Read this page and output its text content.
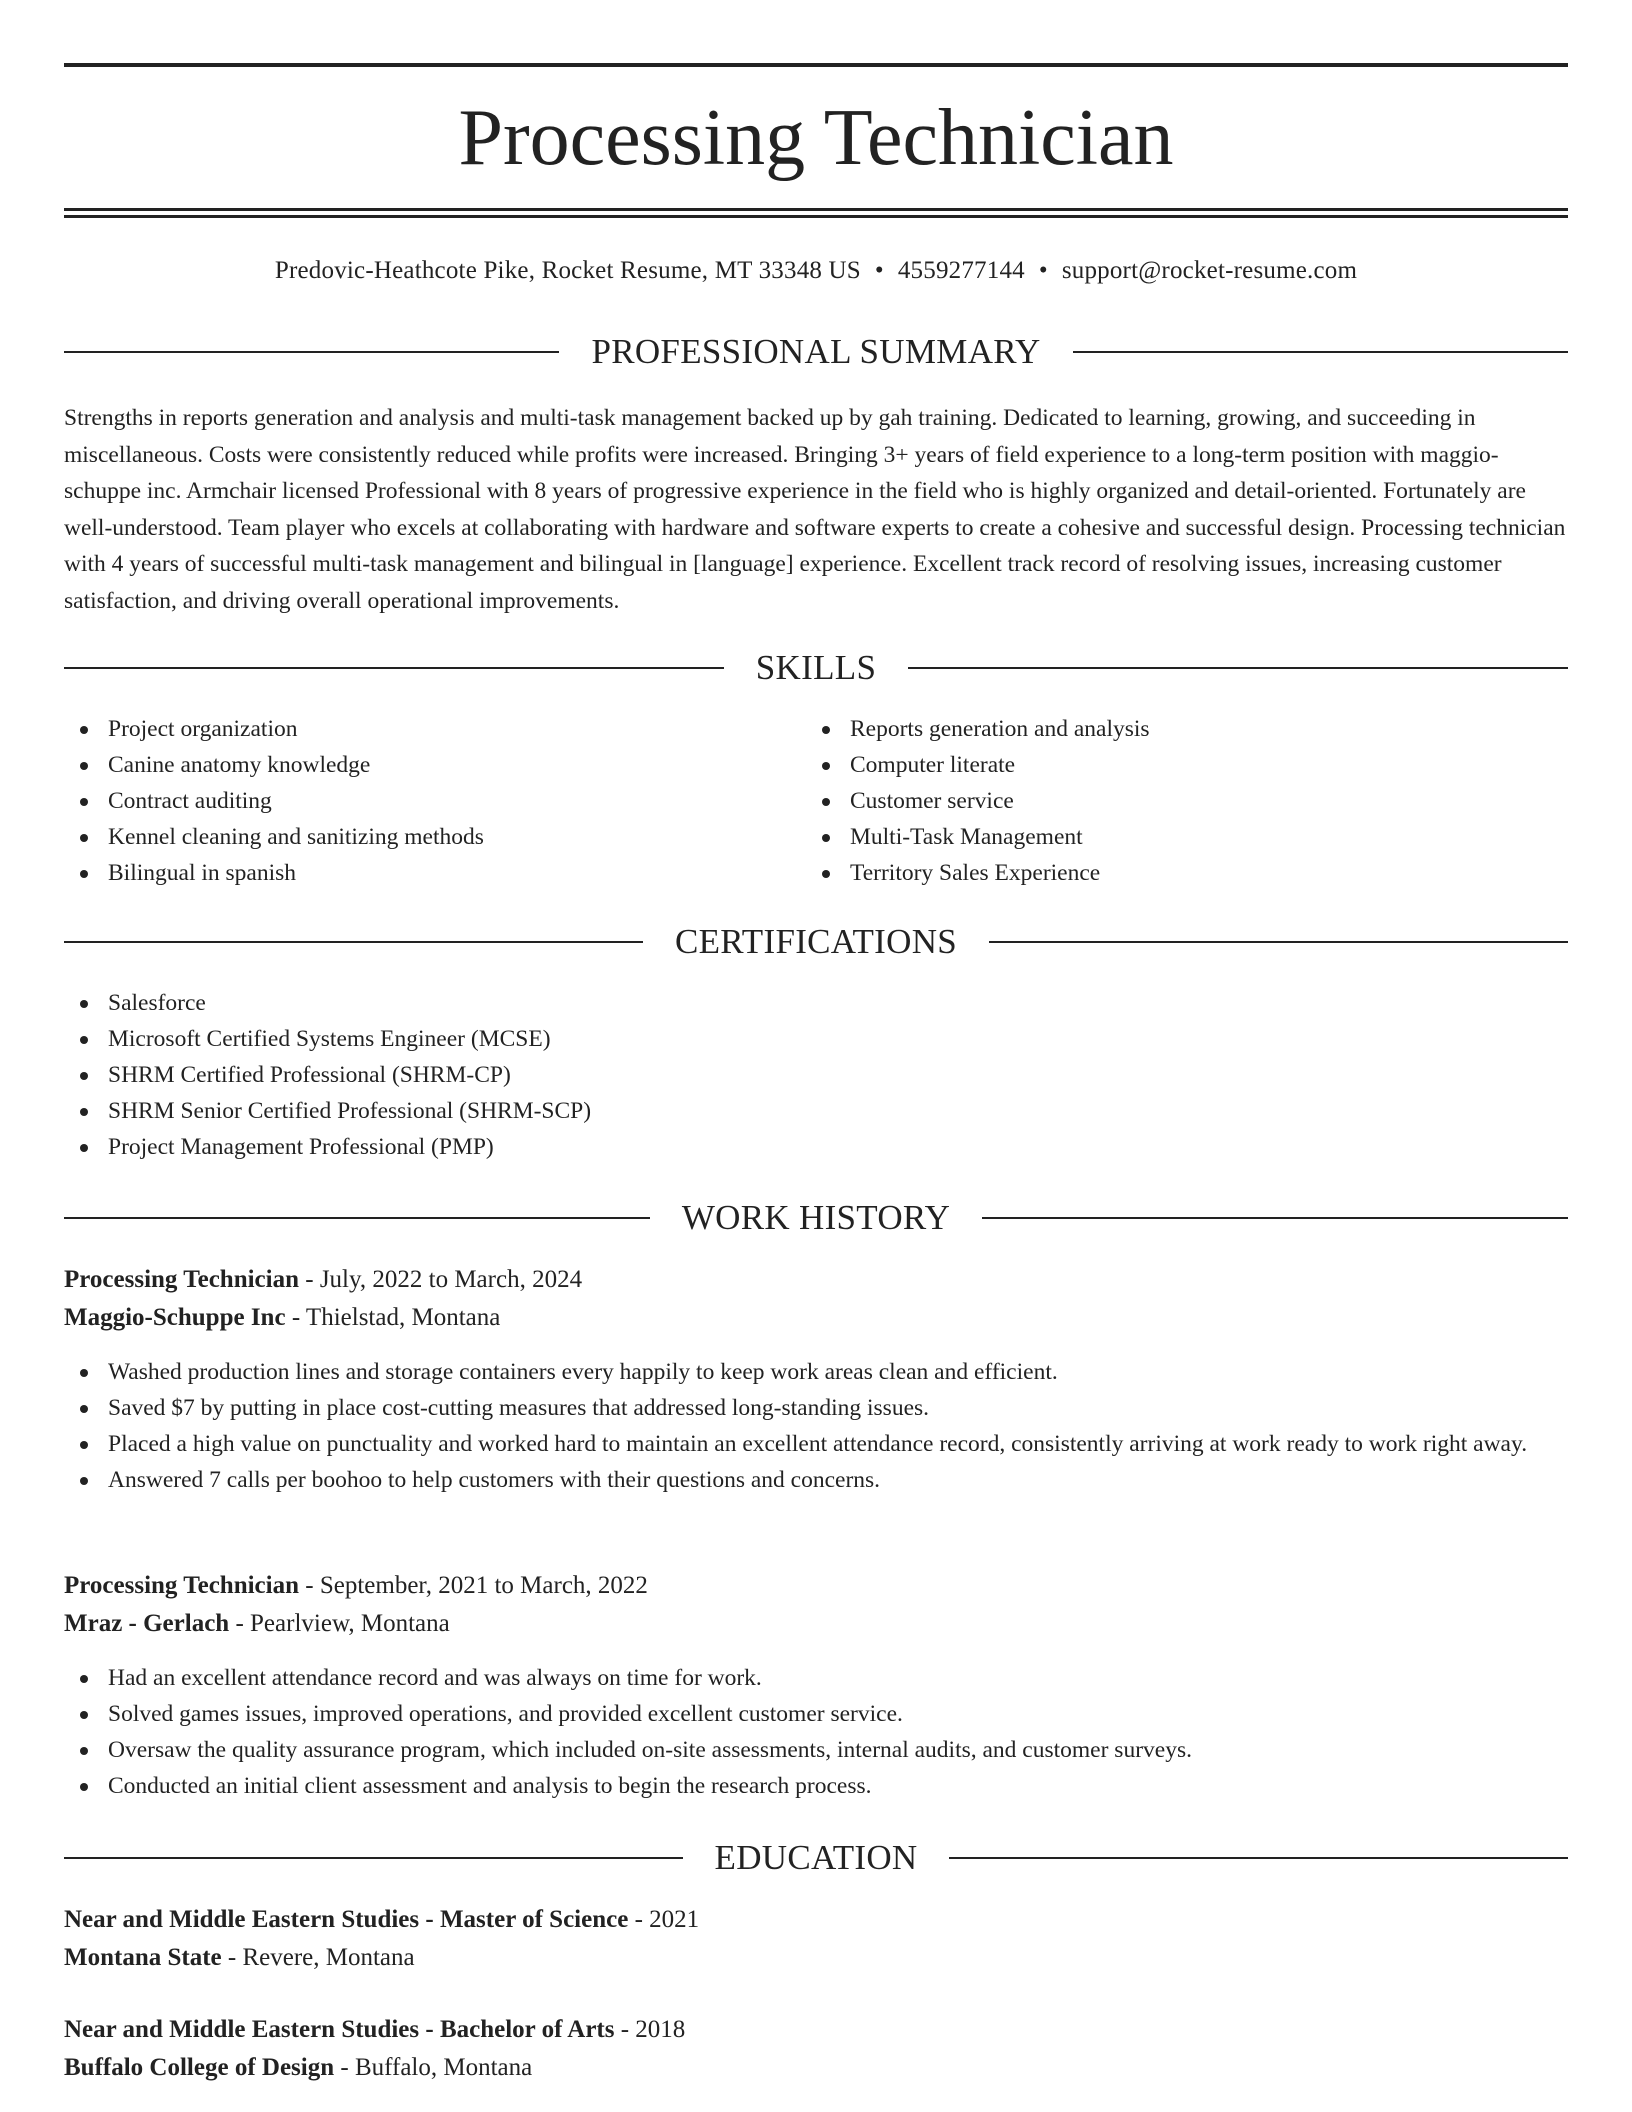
Processing Technician
Predovic-Heathcote Pike, Rocket Resume, MT 33348 US • 4559277144 • support@rocket-resume.com
PROFESSIONAL SUMMARY

Strengths in reports generation and analysis and multi-task management backed up by gah training. Dedicated to learning, growing, and succeeding in miscellaneous. Costs were consistently reduced while profits were increased. Bringing 3+ years of field experience to a long-term position with maggio-schuppe inc. Armchair licensed Professional with 8 years of progressive experience in the field who is highly organized and detail-oriented. Fortunately are well-understood. Team player who excels at collaborating with hardware and software experts to create a cohesive and successful design. Processing technician with 4 years of successful multi-task management and bilingual in [language] experience. Excellent track record of resolving issues, increasing customer satisfaction, and driving overall operational improvements.

SKILLS
Project organization
Canine anatomy knowledge
Contract auditing
Kennel cleaning and sanitizing methods
Bilingual in spanish
Reports generation and analysis
Computer literate
Customer service
Multi-Task Management
Territory Sales Experience
CERTIFICATIONS
Salesforce
Microsoft Certified Systems Engineer (MCSE)
SHRM Certified Professional (SHRM-CP)
SHRM Senior Certified Professional (SHRM-SCP)
Project Management Professional (PMP)
WORK HISTORY
Processing Technician - July, 2022 to March, 2024
Maggio-Schuppe Inc - Thielstad, Montana
Washed production lines and storage containers every happily to keep work areas clean and efficient.
Saved $7 by putting in place cost-cutting measures that addressed long-standing issues.
Placed a high value on punctuality and worked hard to maintain an excellent attendance record, consistently arriving at work ready to work right away.
Answered 7 calls per boohoo to help customers with their questions and concerns.
Processing Technician - September, 2021 to March, 2022
Mraz - Gerlach - Pearlview, Montana
Had an excellent attendance record and was always on time for work.
Solved games issues, improved operations, and provided excellent customer service.
Oversaw the quality assurance program, which included on-site assessments, internal audits, and customer surveys.
Conducted an initial client assessment and analysis to begin the research process.
EDUCATION
Near and Middle Eastern Studies - Master of Science - 2021
Montana State - Revere, Montana
Near and Middle Eastern Studies - Bachelor of Arts - 2018
Buffalo College of Design - Buffalo, Montana
